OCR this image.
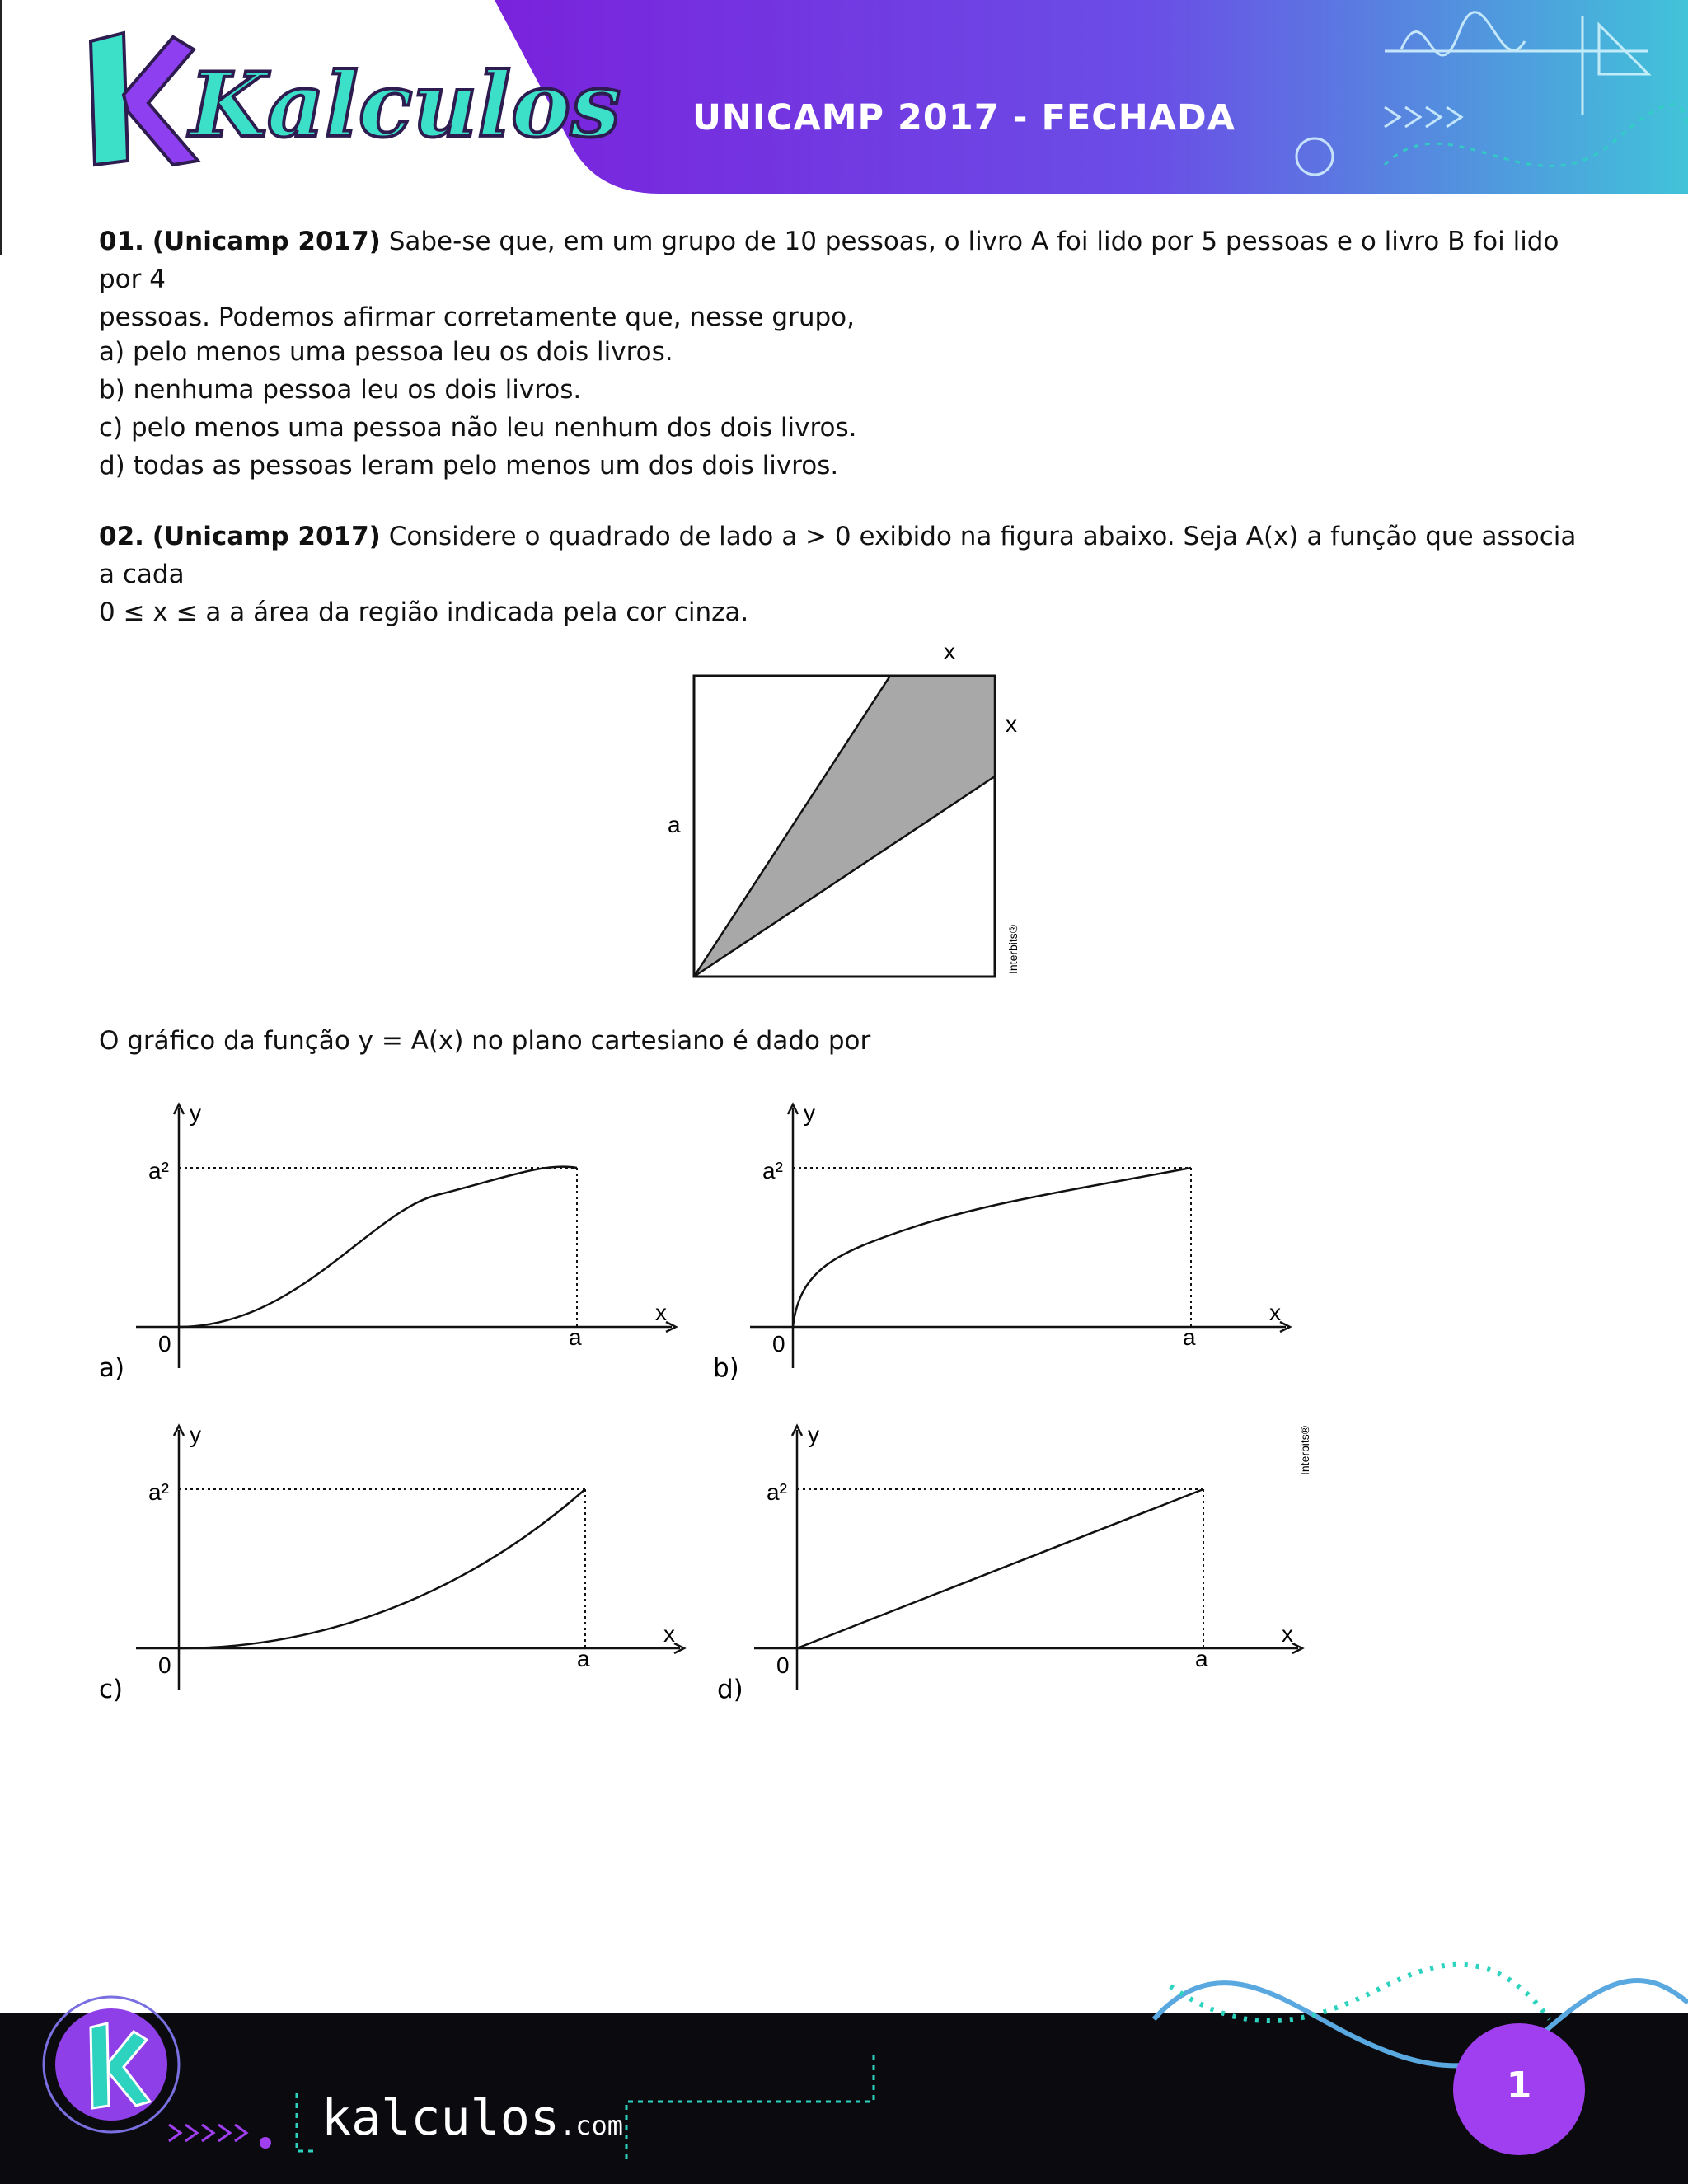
Kalculos UNICAMP 2017 - FECHADA
01. (Unicamp 2017) Sabe-se que, em um grupo de 10 pessoas, o livro A foi lido por 5 pessoas e o livro B foi lido por 4
pessoas. Podemos afirmar corretamente que, nesse grupo,
a) pelo menos uma pessoa leu os dois livros.
b) nenhuma pessoa leu os dois livros.
c) pelo menos uma pessoa não leu nenhum dos dois livros.
d) todas as pessoas leram pelo menos um dos dois livros.
02. (Unicamp 2017) Considere o quadrado de lado a > 0 exibido na figura abaixo. Seja A(x) a função que associa a cada
0 ≤ x ≤ a a área da região indicada pela cor cinza.
x
x
a
Interbits®
O gráfico da função y = A(x) no plano cartesiano é dado por
y
a²
x
0	a
a)
y
a²
x
0	a
b)
y
a²
x
0	a
c)
y
a²
x
0	a
d)
Interbits®
kalculos.com
1
